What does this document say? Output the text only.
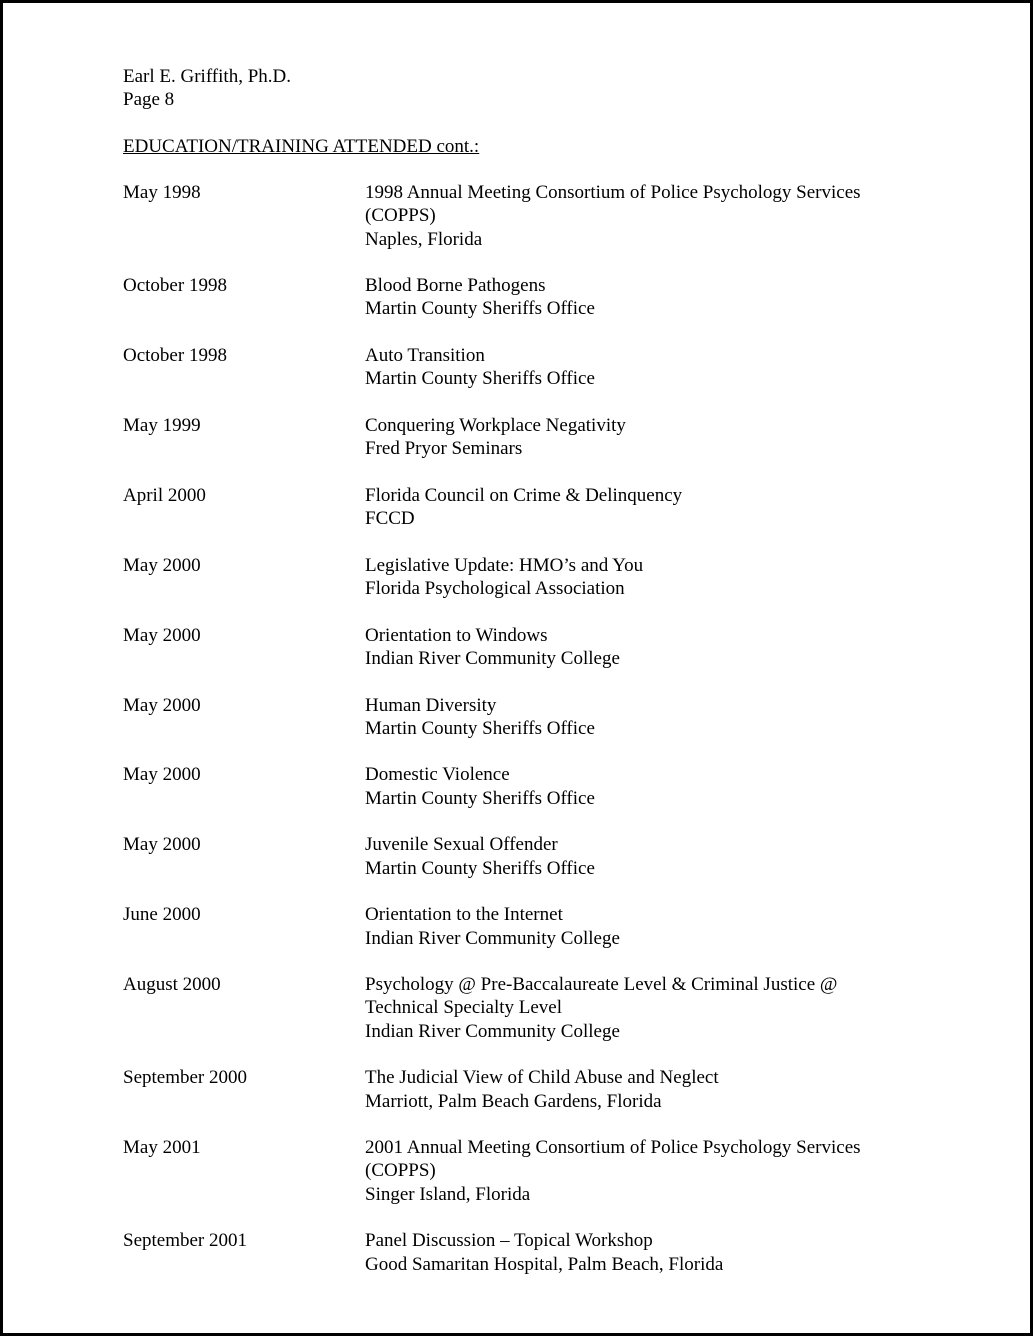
Earl E. Griffith, Ph.D.
Page 8
EDUCATION/TRAINING ATTENDED cont.:
May 1998	1998 Annual Meeting Consortium of Police Psychology Services
(COPPS)
Naples, Florida
October 1998	Blood Borne Pathogens
Martin County Sheriffs Office
October 1998	Auto Transition
Martin County Sheriffs Office
May 1999	Conquering Workplace Negativity
Fred Pryor Seminars
April 2000	Florida Council on Crime & Delinquency
FCCD
May 2000	Legislative Update: HMO’s and You
Florida Psychological Association
May 2000	Orientation to Windows
Indian River Community College
May 2000	Human Diversity
Martin County Sheriffs Office
May 2000	Domestic Violence
Martin County Sheriffs Office
May 2000	Juvenile Sexual Offender
Martin County Sheriffs Office
June 2000	Orientation to the Internet
Indian River Community College
August 2000	Psychology @ Pre-Baccalaureate Level & Criminal Justice @
Technical Specialty Level
Indian River Community College
September 2000	The Judicial View of Child Abuse and Neglect
Marriott, Palm Beach Gardens, Florida
May 2001	2001 Annual Meeting Consortium of Police Psychology Services
(COPPS)
Singer Island, Florida
September 2001	Panel Discussion – Topical Workshop
Good Samaritan Hospital, Palm Beach, Florida
